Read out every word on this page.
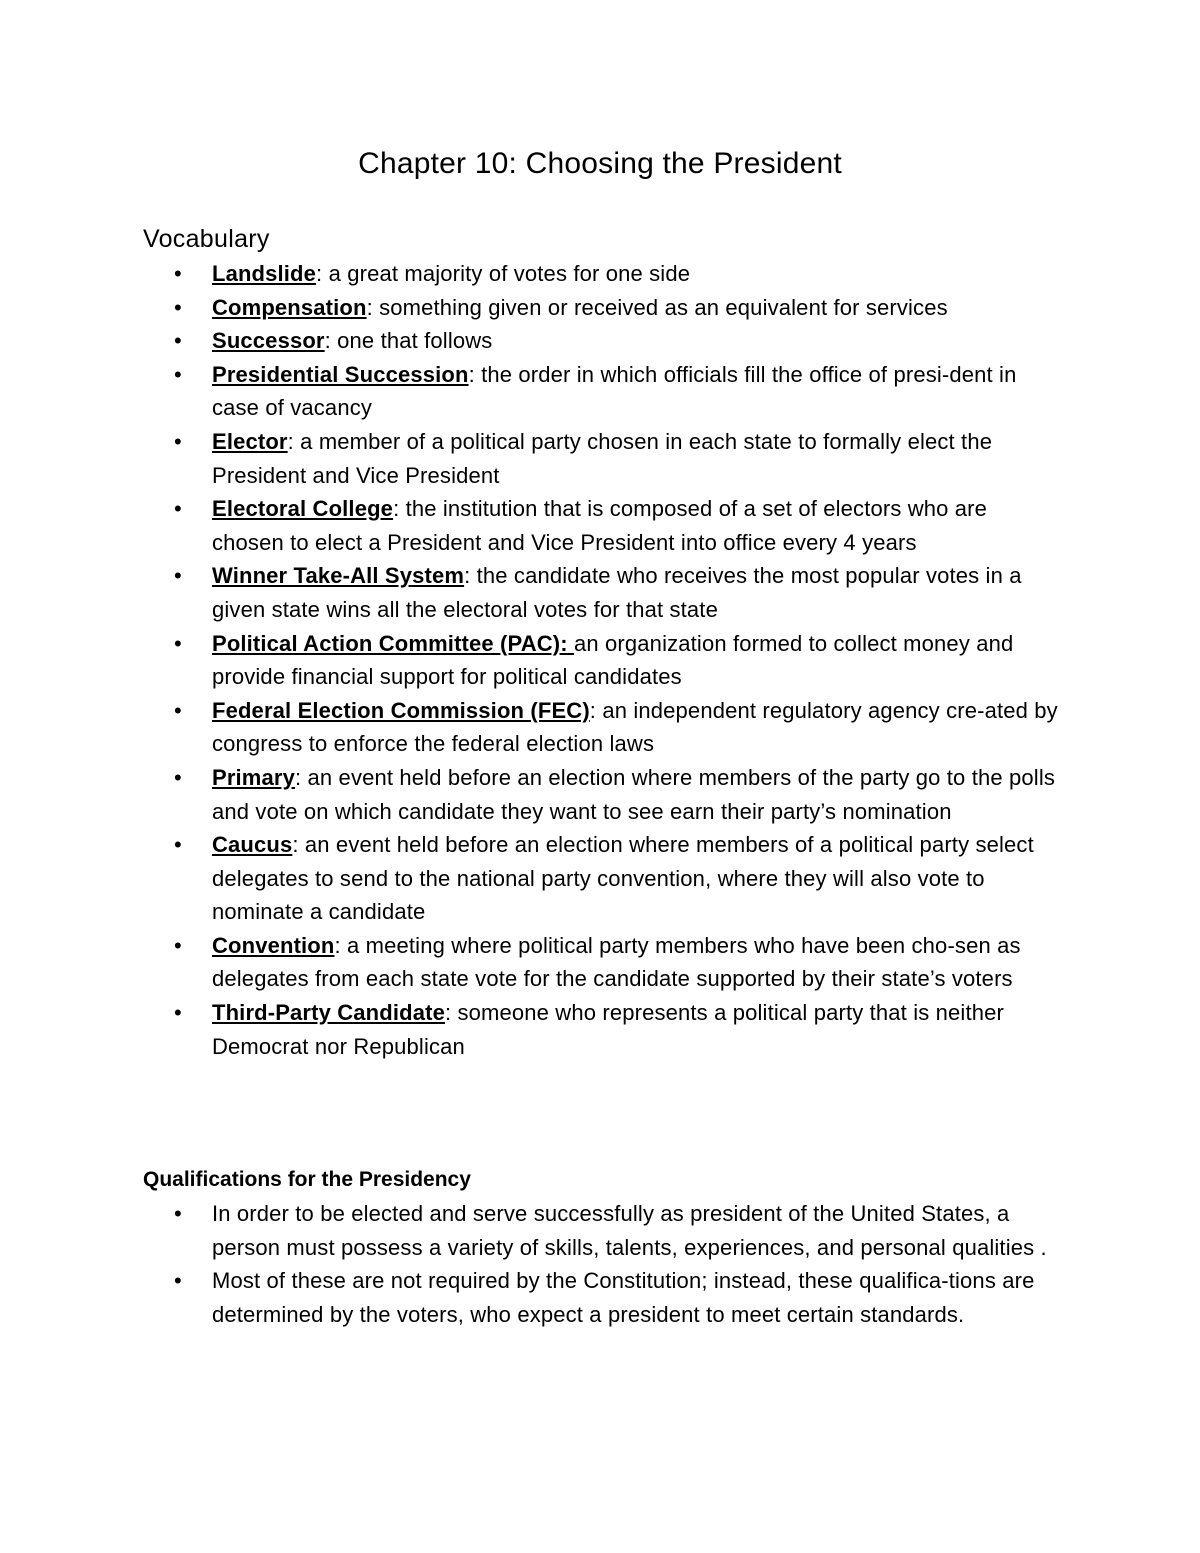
Chapter 10: Choosing the President
Vocabulary
• Landslide: a great majority of votes for one side
• Compensation: something given or received as an equivalent for services
• Successor: one that follows
• Presidential Succession: the order in which officials fill the office of presi-dent in case of vacancy
• Elector: a member of a political party chosen in each state to formally elect the President and Vice President
• Electoral College: the institution that is composed of a set of electors who are chosen to elect a President and Vice President into office every 4 years
• Winner Take-All System: the candidate who receives the most popular votes in a given state wins all the electoral votes for that state
• Political Action Committee (PAC): an organization formed to collect money and provide financial support for political candidates
• Federal Election Commission (FEC): an independent regulatory agency cre-ated by congress to enforce the federal election laws
• Primary: an event held before an election where members of the party go to the polls and vote on which candidate they want to see earn their party’s nomination
• Caucus: an event held before an election where members of a political party select delegates to send to the national party convention, where they will also vote to nominate a candidate
• Convention: a meeting where political party members who have been cho-sen as delegates from each state vote for the candidate supported by their state’s voters
• Third-Party Candidate: someone who represents a political party that is neither Democrat nor Republican
Qualifications for the Presidency
• In order to be elected and serve successfully as president of the United States, a person must possess a variety of skills, talents, experiences, and personal qualities .
• Most of these are not required by the Constitution; instead, these qualifica-tions are determined by the voters, who expect a president to meet certain standards.
